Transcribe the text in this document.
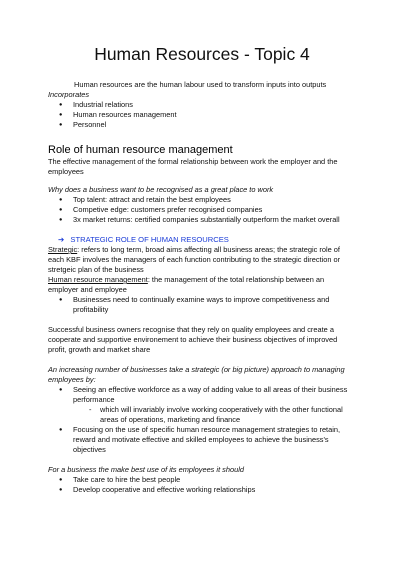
Human Resources - Topic 4

Human resources are the human labour used to transform inputs into outputs

Incorporates

● Industrial relations
● Human resources management
● Personnel
Role of human resource management

The effective management of the formal relationship between work the employer and the employees

Why does a business want to be recognised as a great place to work

● Top talent: attract and retain the best employees
● Competive edge: customers prefer recognised companies
● 3x market returns: certified companies substantially outperform the market overall
➔ STRATEGIC ROLE OF HUMAN RESOURCES

Strategic: refers to long term, broad aims affecting all business areas; the strategic role of each KBF involves the managers of each function contributing to the strategic direction or stretgeic plan of the business

Human resource management: the management of the total relationship between an employer and employee

● Businesses need to continually examine ways to improve competitiveness and profitability

Successful business owners recognise that they rely on quality employees and create a cooperate and supportive environement to achieve their business objectives of improved profit, growth and market share

An increasing number of businesses take a strategic (or big picture) approach to managing employees by:

● Seeing an effective workforce as a way of adding value to all areas of their business performance
- which will invariably involve working cooperatively with the other functional areas of operations, marketing and finance
● Focusing on the use of specific human resource management strategies to retain, reward and motivate effective and skilled employees to achieve the business's objectives

For a business the make best use of its employees it should

● Take care to hire the best people
● Develop cooperative and effective working relationships
